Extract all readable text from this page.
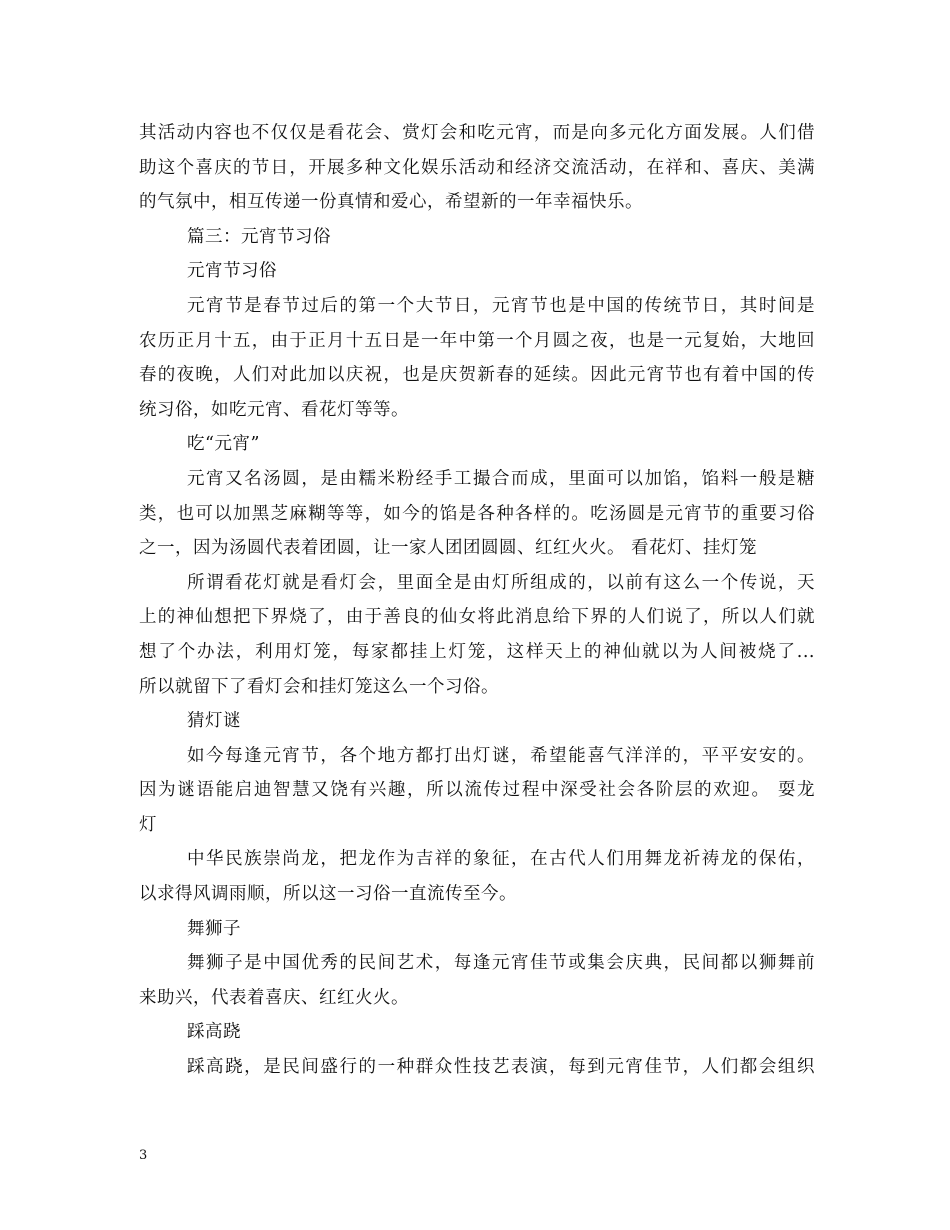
其活动内容也不仅仅是看花会、赏灯会和吃元宵，而是向多元化方面发展。人们借
助这个喜庆的节日，开展多种文化娱乐活动和经济交流活动，在祥和、喜庆、美满
的气氛中，相互传递一份真情和爱心，希望新的一年幸福快乐。
篇三：元宵节习俗
元宵节习俗
元宵节是春节过后的第一个大节日，元宵节也是中国的传统节日，其时间是
农历正月十五，由于正月十五日是一年中第一个月圆之夜，也是一元复始，大地回
春的夜晚，人们对此加以庆祝，也是庆贺新春的延续。因此元宵节也有着中国的传
统习俗，如吃元宵、看花灯等等。
吃“元宵”
元宵又名汤圆，是由糯米粉经手工撮合而成，里面可以加馅，馅料一般是糖
类，也可以加黑芝麻糊等等，如今的馅是各种各样的。吃汤圆是元宵节的重要习俗
之一，因为汤圆代表着团圆，让一家人团团圆圆、红红火火。 看花灯、挂灯笼
所谓看花灯就是看灯会，里面全是由灯所组成的，以前有这么一个传说，天
上的神仙想把下界烧了，由于善良的仙女将此消息给下界的人们说了，所以人们就
想了个办法，利用灯笼，每家都挂上灯笼，这样天上的神仙就以为人间被烧了...
所以就留下了看灯会和挂灯笼这么一个习俗。
猜灯谜
如今每逢元宵节，各个地方都打出灯谜，希望能喜气洋洋的，平平安安的。
因为谜语能启迪智慧又饶有兴趣，所以流传过程中深受社会各阶层的欢迎。 耍龙
灯
中华民族崇尚龙，把龙作为吉祥的象征，在古代人们用舞龙祈祷龙的保佑，
以求得风调雨顺，所以这一习俗一直流传至今。
舞狮子
舞狮子是中国优秀的民间艺术，每逢元宵佳节或集会庆典，民间都以狮舞前
来助兴，代表着喜庆、红红火火。
踩高跷
踩高跷，是民间盛行的一种群众性技艺表演，每到元宵佳节，人们都会组织
3
